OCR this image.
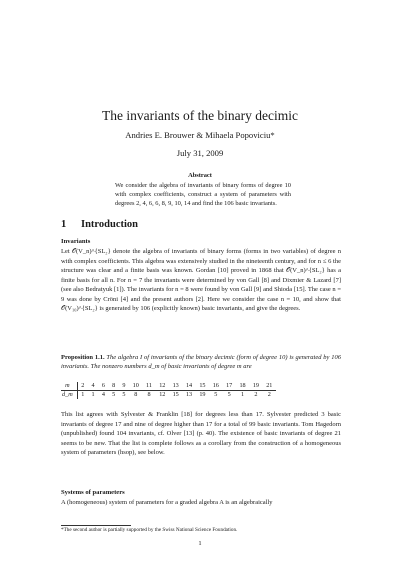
The invariants of the binary decimic
Andries E. Brouwer & Mihaela Popoviciu*
July 31, 2009
Abstract
We consider the algebra of invariants of binary forms of degree 10 with complex coefficients, construct a system of parameters with degrees 2, 4, 6, 6, 8, 9, 10, 14 and find the 106 basic invariants.
1 Introduction
Invariants
Let 𝒪(V_n)^{SL₂} denote the algebra of invariants of binary forms (forms in two variables) of degree n with complex coefficients. This algebra was extensively studied in the nineteenth century, and for n ≤ 6 the structure was clear and a finite basis was known. Gordan [10] proved in 1868 that 𝒪(V_n)^{SL₂} has a finite basis for all n. For n = 7 the invariants were determined by von Gall [8] and Dixmier & Lazard [7] (see also Bedratyuk [1]). The invariants for n = 8 were found by von Gall [9] and Shioda [15]. The case n = 9 was done by Cröni [4] and the present authors [2]. Here we consider the case n = 10, and show that 𝒪(V₁₀)^{SL₂} is generated by 106 (explicitly known) basic invariants, and give the degrees.
Proposition 1.1. The algebra I of invariants of the binary decimic (form of degree 10) is generated by 106 invariants. The nonzero numbers d_m of basic invariants of degree m are
m	2	4	6	8	9	10	11	12	13	14	15	16	17	18	19	21
d_m	1	1	4	5	5	8	8	12	15	13	19	5	5	1	2	2
This list agrees with Sylvester & Franklin [18] for degrees less than 17. Sylvester predicted 3 basic invariants of degree 17 and nine of degree higher than 17 for a total of 99 basic invariants. Tom Hagedorn (unpublished) found 104 invariants, cf. Olver [13] (p. 40). The existence of basic invariants of degree 21 seems to be new. That the list is complete follows as a corollary from the construction of a homogeneous system of parameters (hsop), see below.
Systems of parameters
A (homogeneous) system of parameters for a graded algebra A is an algebraically
*The second author is partially supported by the Swiss National Science Foundation.
1
